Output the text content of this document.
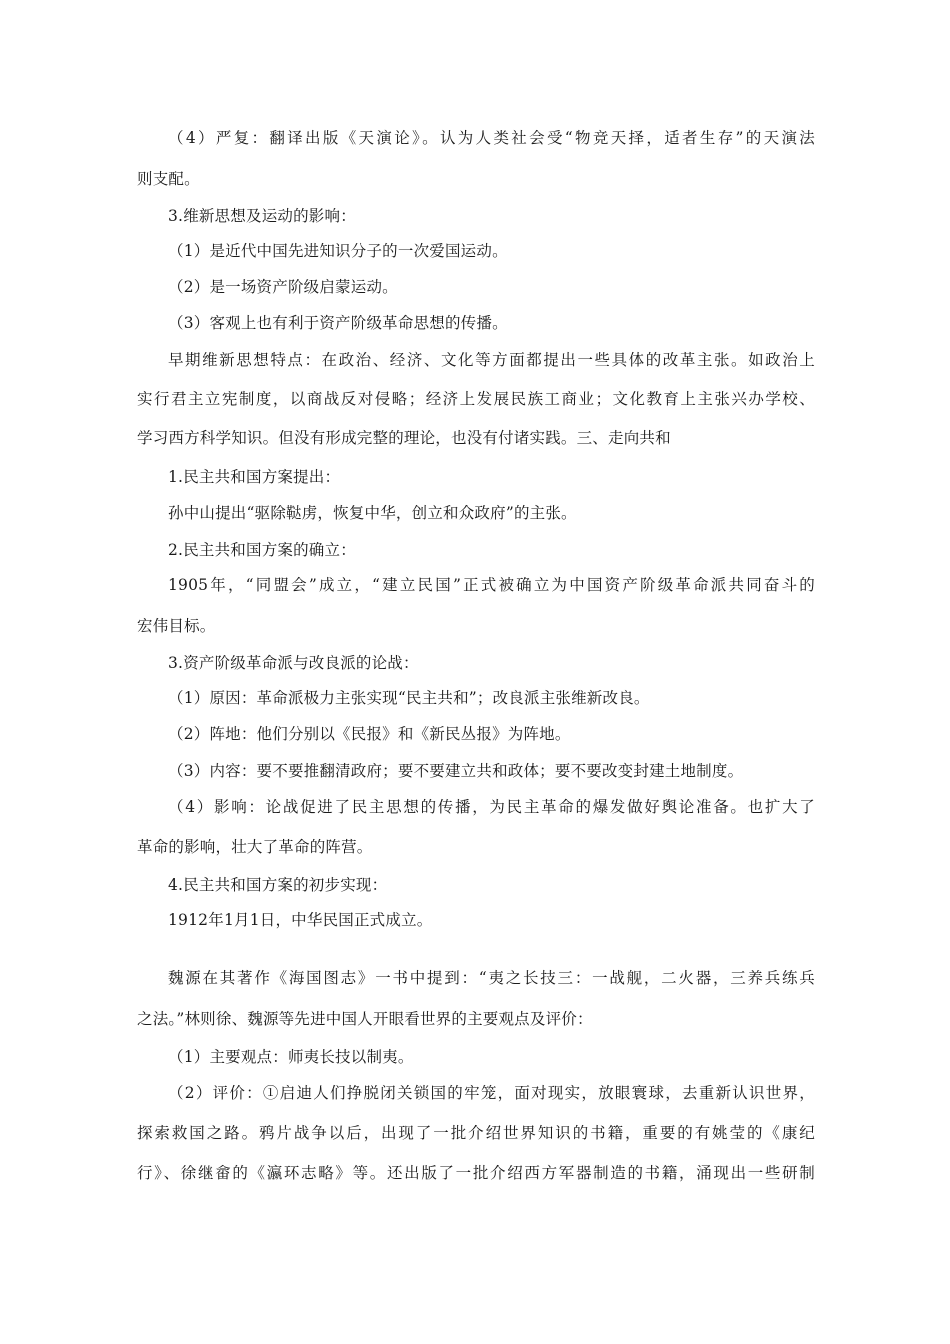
（4）严复：翻译出版《天演论》。认为人类社会受“物竞天择，适者生存”的天演法
则支配。
3.维新思想及运动的影响：
（1）是近代中国先进知识分子的一次爱国运动。
（2）是一场资产阶级启蒙运动。
（3）客观上也有利于资产阶级革命思想的传播。
早期维新思想特点：在政治、经济、文化等方面都提出一些具体的改革主张。如政治上
实行君主立宪制度，以商战反对侵略；经济上发展民族工商业；文化教育上主张兴办学校、
学习西方科学知识。但没有形成完整的理论，也没有付诸实践。三、走向共和
1.民主共和国方案提出：
孙中山提出“驱除鞑虏，恢复中华，创立和众政府”的主张。
2.民主共和国方案的确立：
1905年，“同盟会”成立，“建立民国”正式被确立为中国资产阶级革命派共同奋斗的
宏伟目标。
3.资产阶级革命派与改良派的论战：
（1）原因：革命派极力主张实现“民主共和”；改良派主张维新改良。
（2）阵地：他们分别以《民报》和《新民丛报》为阵地。
（3）内容：要不要推翻清政府；要不要建立共和政体；要不要改变封建土地制度。
（4）影响：论战促进了民主思想的传播，为民主革命的爆发做好舆论准备。也扩大了
革命的影响，壮大了革命的阵营。
4.民主共和国方案的初步实现：
1912年1月1日，中华民国正式成立。
魏源在其著作《海国图志》一书中提到：“夷之长技三：一战舰，二火器，三养兵练兵
之法。”林则徐、魏源等先进中国人开眼看世界的主要观点及评价：
（1）主要观点：师夷长技以制夷。
（2）评价：①启迪人们挣脱闭关锁国的牢笼，面对现实，放眼寰球，去重新认识世界，
探索救国之路。鸦片战争以后，出现了一批介绍世界知识的书籍，重要的有姚莹的《康纪
行》、徐继畲的《瀛环志略》等。还出版了一批介绍西方军器制造的书籍，涌现出一些研制
